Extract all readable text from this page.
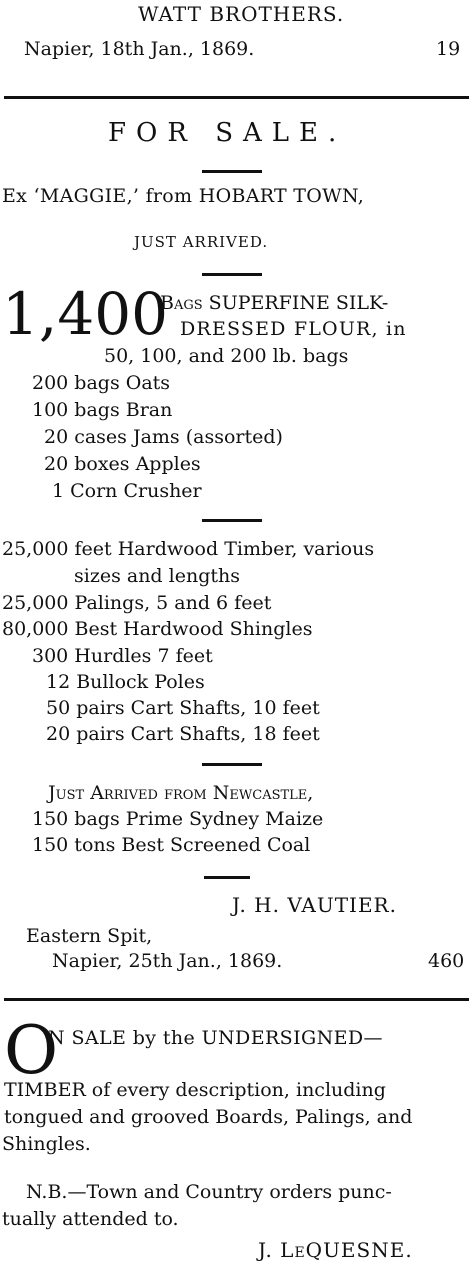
WATT BROTHERS.
Napier, 18th Jan., 1869.	19
FOR SALE.
Ex ‘MAGGIE,’ from HOBART TOWN,
JUST ARRIVED.
1,400
Bags SUPERFINE SILK-
DRESSED FLOUR, in
50, 100, and 200 lb. bags
200 bags Oats
100 bags Bran
20 cases Jams (assorted)
20 boxes Apples
1 Corn Crusher
25,000 feet Hardwood Timber, various
sizes and lengths
25,000 Palings, 5 and 6 feet
80,000 Best Hardwood Shingles
300 Hurdles 7 feet
12 Bullock Poles
50 pairs Cart Shafts, 10 feet
20 pairs Cart Shafts, 18 feet
Just Arrived from Newcastle,
150 bags Prime Sydney Maize
150 tons Best Screened Coal
J. H. VAUTIER.
Eastern Spit,
Napier, 25th Jan., 1869.	460
O
N SALE by the UNDERSIGNED—
TIMBER of every description, including
tongued and grooved Boards, Palings, and
Shingles.
N.B.—Town and Country orders punc-
tually attended to.
J. LeQUESNE.
